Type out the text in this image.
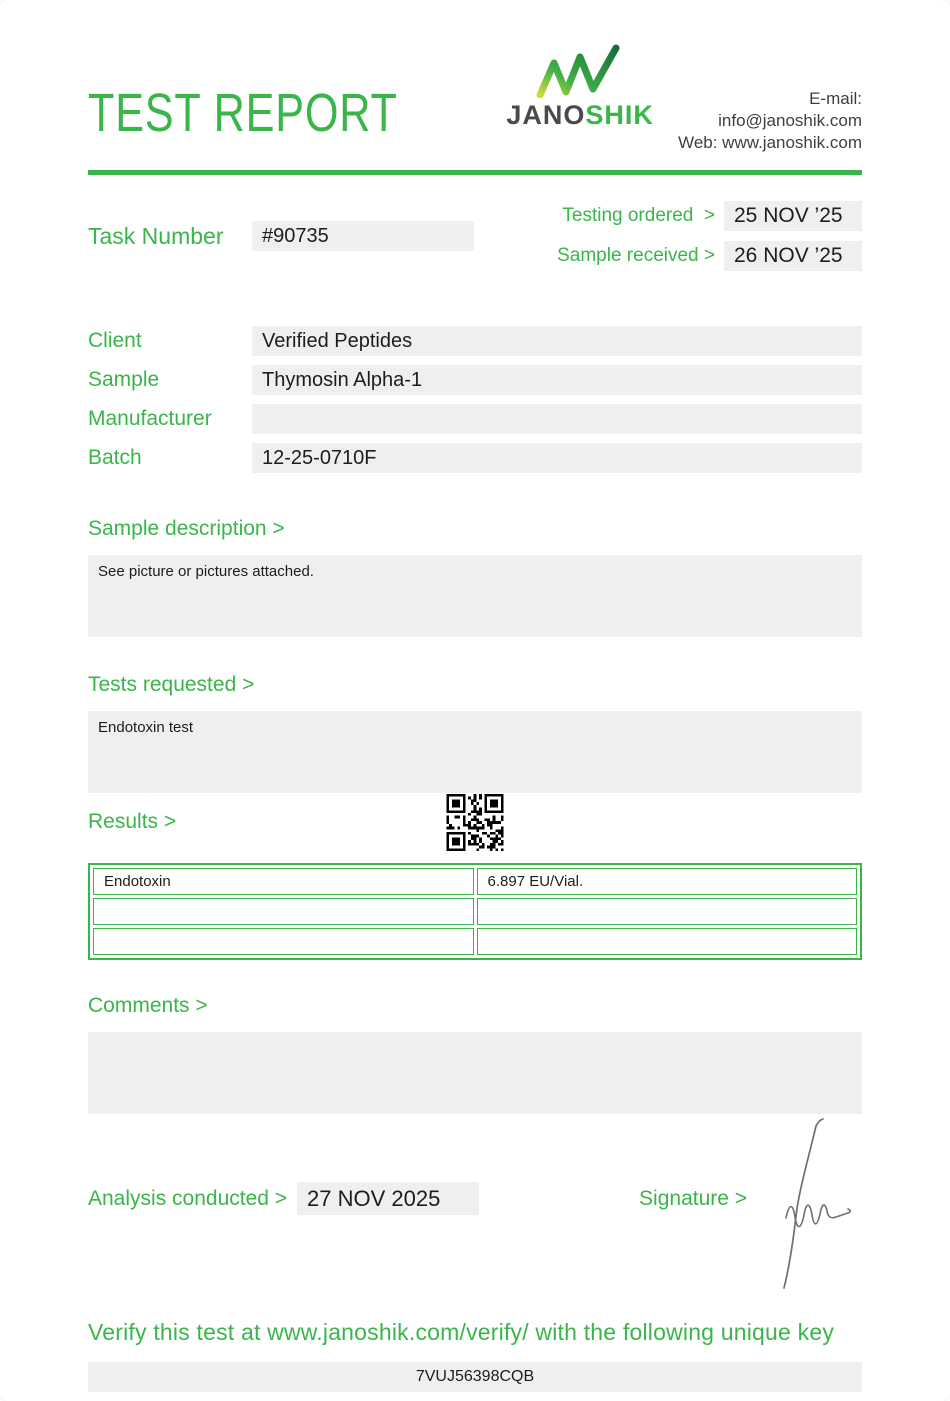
TEST REPORT	JANOSHIK
E-mail: info@janoshik.com
Web: www.janoshik.com
Task Number	#90735
Testing ordered  > 25 NOV ’25
Sample received > 26 NOV ’25
Client	Verified Peptides
Sample	Thymosin Alpha-1
Manufacturer
Batch	12-25-0710F
Sample description >
See picture or pictures attached.
Tests requested >
Endotoxin test
Results >
Endotoxin	6.897 EU/Vial.

Comments >
Analysis conducted > 27 NOV 2025	Signature >
Verify this test at www.janoshik.com/verify/ with the following unique key
7VUJ56398CQB
